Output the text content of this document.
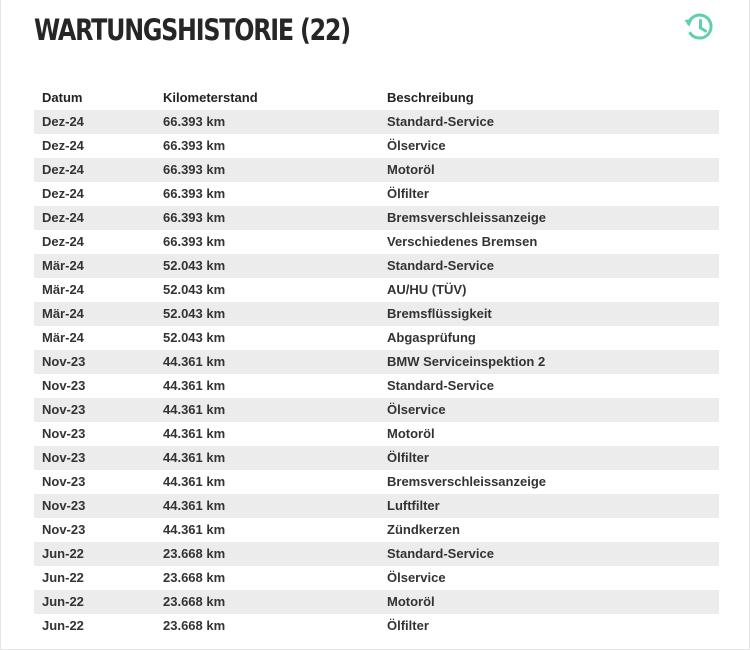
WARTUNGSHISTORIE (22)
Datum	Kilometerstand	Beschreibung
Dez-24	66.393 km	Standard-Service
Dez-24	66.393 km	Ölservice
Dez-24	66.393 km	Motoröl
Dez-24	66.393 km	Ölfilter
Dez-24	66.393 km	Bremsverschleissanzeige
Dez-24	66.393 km	Verschiedenes Bremsen
Mär-24	52.043 km	Standard-Service
Mär-24	52.043 km	AU/HU (TÜV)
Mär-24	52.043 km	Bremsflüssigkeit
Mär-24	52.043 km	Abgasprüfung
Nov-23	44.361 km	BMW Serviceinspektion 2
Nov-23	44.361 km	Standard-Service
Nov-23	44.361 km	Ölservice
Nov-23	44.361 km	Motoröl
Nov-23	44.361 km	Ölfilter
Nov-23	44.361 km	Bremsverschleissanzeige
Nov-23	44.361 km	Luftfilter
Nov-23	44.361 km	Zündkerzen
Jun-22	23.668 km	Standard-Service
Jun-22	23.668 km	Ölservice
Jun-22	23.668 km	Motoröl
Jun-22	23.668 km	Ölfilter
